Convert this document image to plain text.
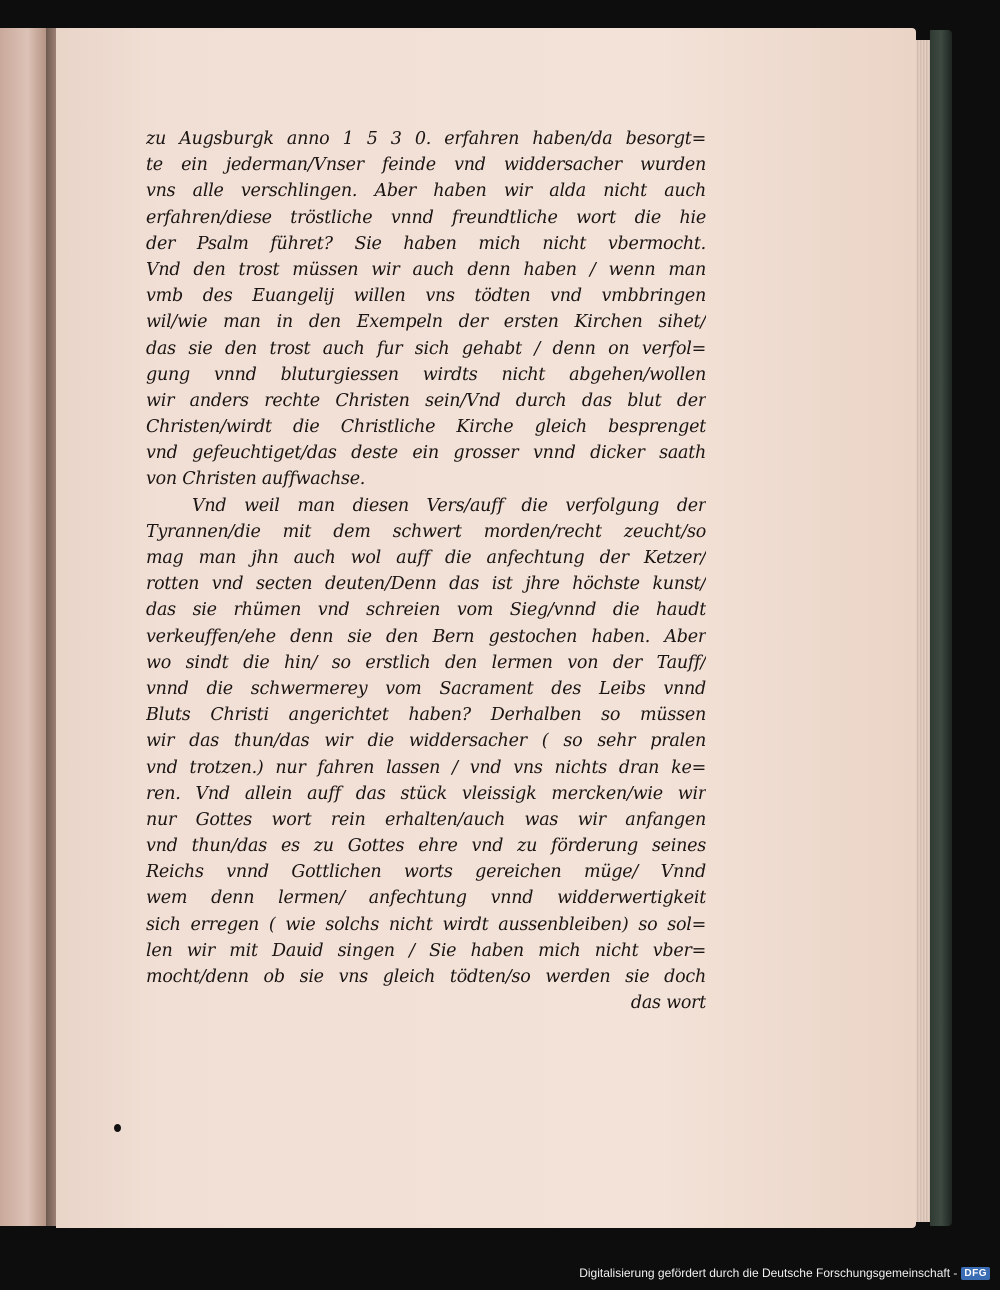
zu Augsburgk anno 1 5 3 0. erfahren haben/da besorgt=
te ein jederman/Vnser feinde vnd widdersacher wurden
vns alle verschlingen. Aber haben wir alda nicht auch
erfahren/diese tröstliche vnnd freundtliche wort die hie
der Psalm führet? Sie haben mich nicht vbermocht.
Vnd den trost müssen wir auch denn haben / wenn man
vmb des Euangelij willen vns tödten vnd vmbbringen
wil/wie man in den Exempeln der ersten Kirchen sihet/
das sie den trost auch fur sich gehabt / denn on verfol=
gung vnnd bluturgiessen wirdts nicht abgehen/wollen
wir anders rechte Christen sein/Vnd durch das blut der
Christen/wirdt die Christliche Kirche gleich besprenget
vnd gefeuchtiget/das deste ein grosser vnnd dicker saath
von Christen auffwachse.
Vnd weil man diesen Vers/auff die verfolgung der
Tyrannen/die mit dem schwert morden/recht zeucht/so
mag man jhn auch wol auff die anfechtung der Ketzer/
rotten vnd secten deuten/Denn das ist jhre höchste kunst/
das sie rhümen vnd schreien vom Sieg/vnnd die haudt
verkeuffen/ehe denn sie den Bern gestochen haben. Aber
wo sindt die hin/ so erstlich den lermen von der Tauff/
vnnd die schwermerey vom Sacrament des Leibs vnnd
Bluts Christi angerichtet haben? Derhalben so müssen
wir das thun/das wir die widdersacher ( so sehr pralen
vnd trotzen.) nur fahren lassen / vnd vns nichts dran ke=
ren. Vnd allein auff das stück vleissigk mercken/wie wir
nur Gottes wort rein erhalten/auch was wir anfangen
vnd thun/das es zu Gottes ehre vnd zu förderung seines
Reichs vnnd Gottlichen worts gereichen müge/ Vnnd
wem denn lermen/ anfechtung vnnd widderwertigkeit
sich erregen ( wie solchs nicht wirdt aussenbleiben) so sol=
len wir mit Dauid singen / Sie haben mich nicht vber=
mocht/denn ob sie vns gleich tödten/so werden sie doch
das wort
Digitalisierung gefördert durch die Deutsche Forschungsgemeinschaft - DFG
